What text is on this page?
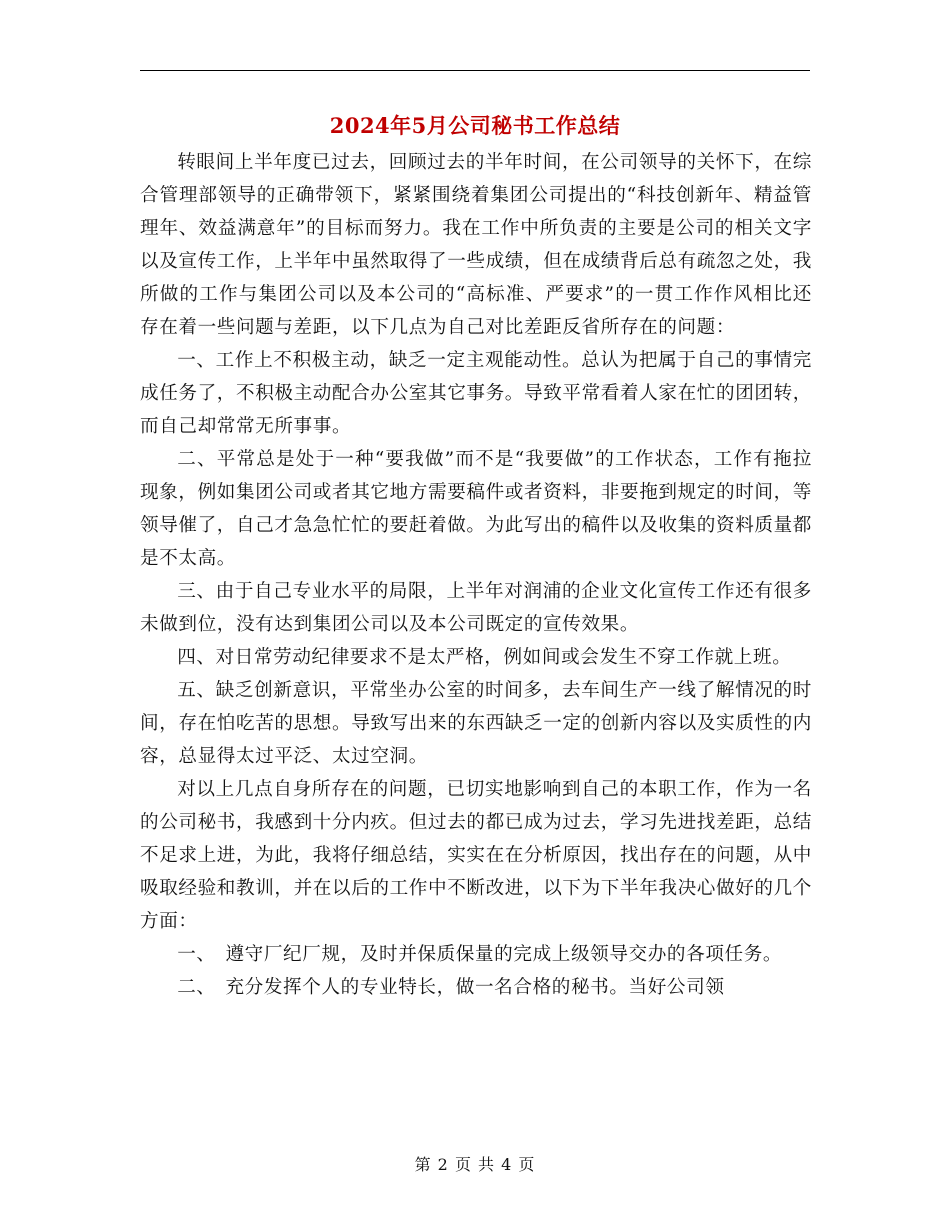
2024年5月公司秘书工作总结

转眼间上半年度已过去，回顾过去的半年时间，在公司领导的关怀下，在综合管理部领导的正确带领下，紧紧围绕着集团公司提出的“科技创新年、精益管理年、效益满意年”的目标而努力。我在工作中所负责的主要是公司的相关文字以及宣传工作，上半年中虽然取得了一些成绩，但在成绩背后总有疏忽之处，我所做的工作与集团公司以及本公司的“高标准、严要求”的一贯工作作风相比还存在着一些问题与差距，以下几点为自己对比差距反省所存在的问题：

一、工作上不积极主动，缺乏一定主观能动性。总认为把属于自己的事情完成任务了，不积极主动配合办公室其它事务。导致平常看着人家在忙的团团转，而自己却常常无所事事。

二、平常总是处于一种“要我做”而不是“我要做”的工作状态，工作有拖拉现象，例如集团公司或者其它地方需要稿件或者资料，非要拖到规定的时间，等领导催了，自己才急急忙忙的要赶着做。为此写出的稿件以及收集的资料质量都是不太高。

三、由于自己专业水平的局限，上半年对润浦的企业文化宣传工作还有很多未做到位，没有达到集团公司以及本公司既定的宣传效果。

四、对日常劳动纪律要求不是太严格，例如间或会发生不穿工作就上班。

五、缺乏创新意识，平常坐办公室的时间多，去车间生产一线了解情况的时间，存在怕吃苦的思想。导致写出来的东西缺乏一定的创新内容以及实质性的内容，总显得太过平泛、太过空洞。

对以上几点自身所存在的问题，已切实地影响到自己的本职工作，作为一名的公司秘书，我感到十分内疚。但过去的都已成为过去，学习先进找差距，总结不足求上进，为此，我将仔细总结，实实在在分析原因，找出存在的问题，从中吸取经验和教训，并在以后的工作中不断改进，以下为下半年我决心做好的几个方面：

一、　遵守厂纪厂规，及时并保质保量的完成上级领导交办的各项任务。

二、　充分发挥个人的专业特长，做一名合格的秘书。当好公司领

第 2 页 共 4 页
